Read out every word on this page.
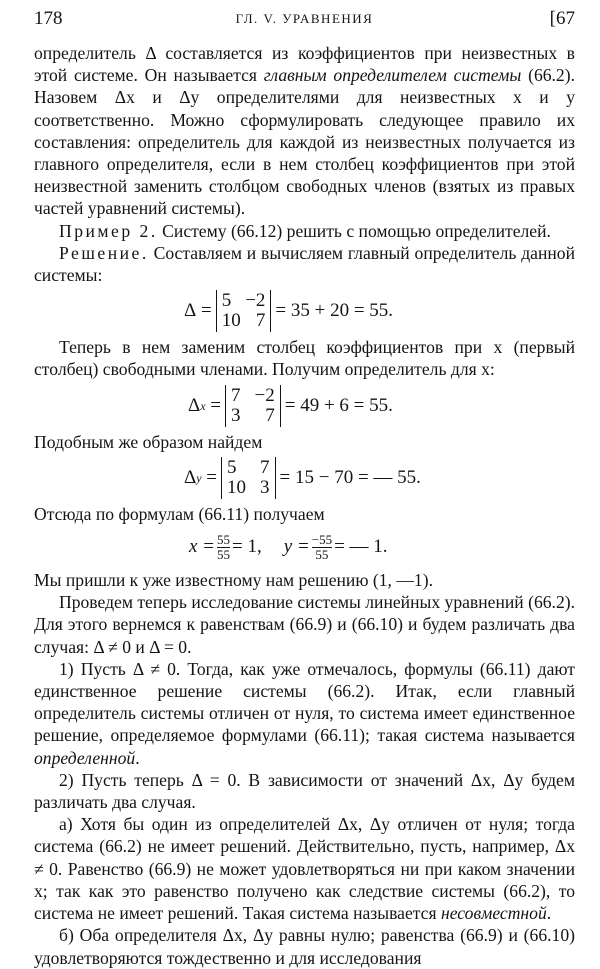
178	ГЛ. V. УРАВНЕНИЯ	[67

определитель Δ составляется из коэффициентов при неизвестных в этой системе. Он называется главным определителем системы (66.2). Назовем Δx и Δy определителями для неизвестных x и y соответственно. Можно сформулировать следующее правило их составления: определитель для каждой из неизвестных получается из главного определителя, если в нем столбец коэффициентов при этой неизвестной заменить столбцом свободных членов (взятых из правых частей уравнений системы).

Пример 2. Систему (66.12) решить с помощью определителей.

Решение. Составляем и вычисляем главный определитель данной системы:

Δ = 5 −2
10 7 = 35 + 20 = 55.

Теперь в нем заменим столбец коэффициентов при x (первый столбец) свободными членами. Получим определитель для x:

Δ x = 7 −2
3 7 = 49 + 6 = 55.

Подобным же образом найдем

Δ y = 5 7
10 3 = 15 − 70 = — 55.

Отсюда по формулам (66.11) получаем

$x = \frac{55}{55} = 1$, $y = \frac{-55}{55}$ = — 1.

Мы пришли к уже известному нам решению (1, —1).

Проведем теперь исследование системы линейных уравнений (66.2). Для этого вернемся к равенствам (66.9) и (66.10) и будем различать два случая: Δ ≠ 0 и Δ = 0.

1) Пусть Δ ≠ 0. Тогда, как уже отмечалось, формулы (66.11) дают единственное решение системы (66.2). Итак, если главный определитель системы отличен от нуля, то система имеет единственное решение, определяемое формулами (66.11); такая система называется определенной.

2) Пусть теперь Δ = 0. В зависимости от значений Δx, Δy будем различать два случая.

а) Хотя бы один из определителей Δx, Δy отличен от нуля; тогда система (66.2) не имеет решений. Действительно, пусть, например, Δx ≠ 0. Равенство (66.9) не может удовлетворяться ни при каком значении x; так как это равенство получено как следствие системы (66.2), то система не имеет решений. Такая система называется несовместной.

б) Оба определителя Δx, Δy равны нулю; равенства (66.9) и (66.10) удовлетворяются тождественно и для исследования
